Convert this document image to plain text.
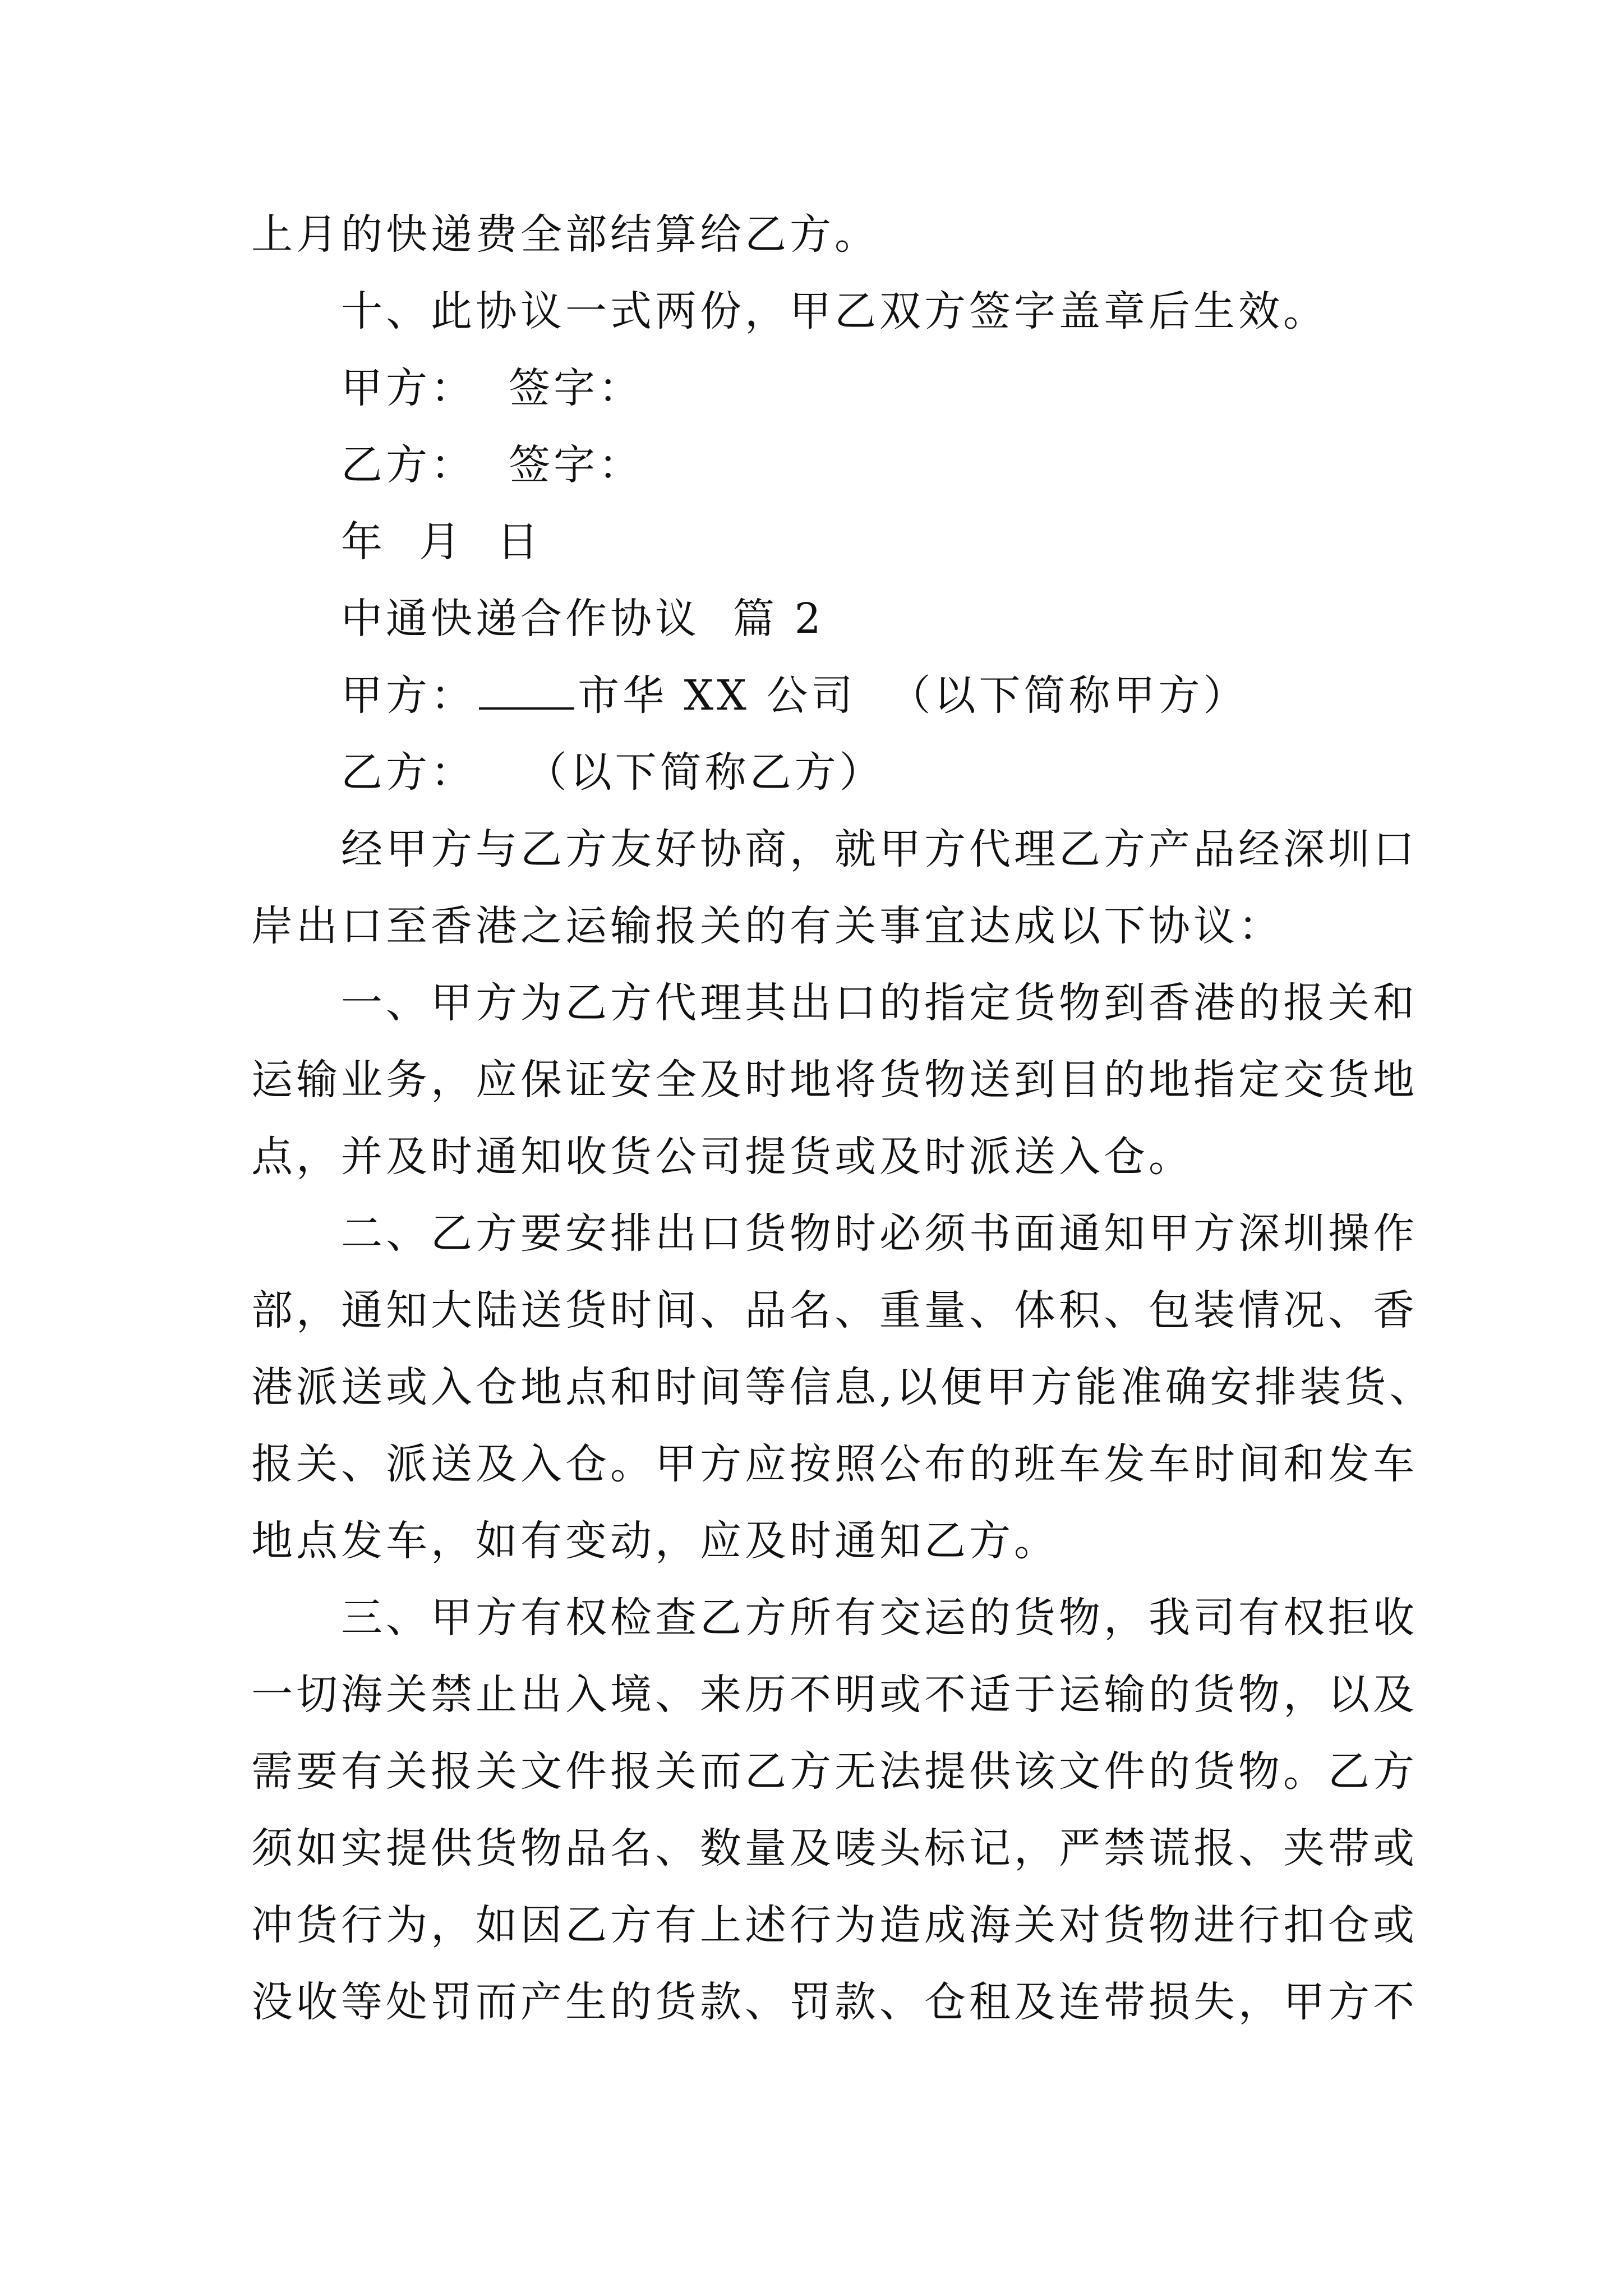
上月的快递费全部结算给乙方。
十、此协议一式两份，甲乙双方签字盖章后生效。
甲方：  签字：
乙方：  签字：
年  月  日
中通快递合作协议  篇 2
甲方： 市华 XX 公司  （以下简称甲方）
乙方：   （以下简称乙方）
经甲方与乙方友好协商，就甲方代理乙方产品经深圳口
岸出口至香港之运输报关的有关事宜达成以下协议：
一、甲方为乙方代理其出口的指定货物到香港的报关和
运输业务，应保证安全及时地将货物送到目的地指定交货地
点，并及时通知收货公司提货或及时派送入仓。
二、乙方要安排出口货物时必须书面通知甲方深圳操作
部，通知大陆送货时间、品名、重量、体积、包装情况、香
港派送或入仓地点和时间等信息,以便甲方能准确安排装货、
报关、派送及入仓。甲方应按照公布的班车发车时间和发车
地点发车，如有变动，应及时通知乙方。
三、甲方有权检查乙方所有交运的货物，我司有权拒收
一切海关禁止出入境、来历不明或不适于运输的货物，以及
需要有关报关文件报关而乙方无法提供该文件的货物。乙方
须如实提供货物品名、数量及唛头标记，严禁谎报、夹带或
冲货行为，如因乙方有上述行为造成海关对货物进行扣仓或
没收等处罚而产生的货款、罚款、仓租及连带损失，甲方不
